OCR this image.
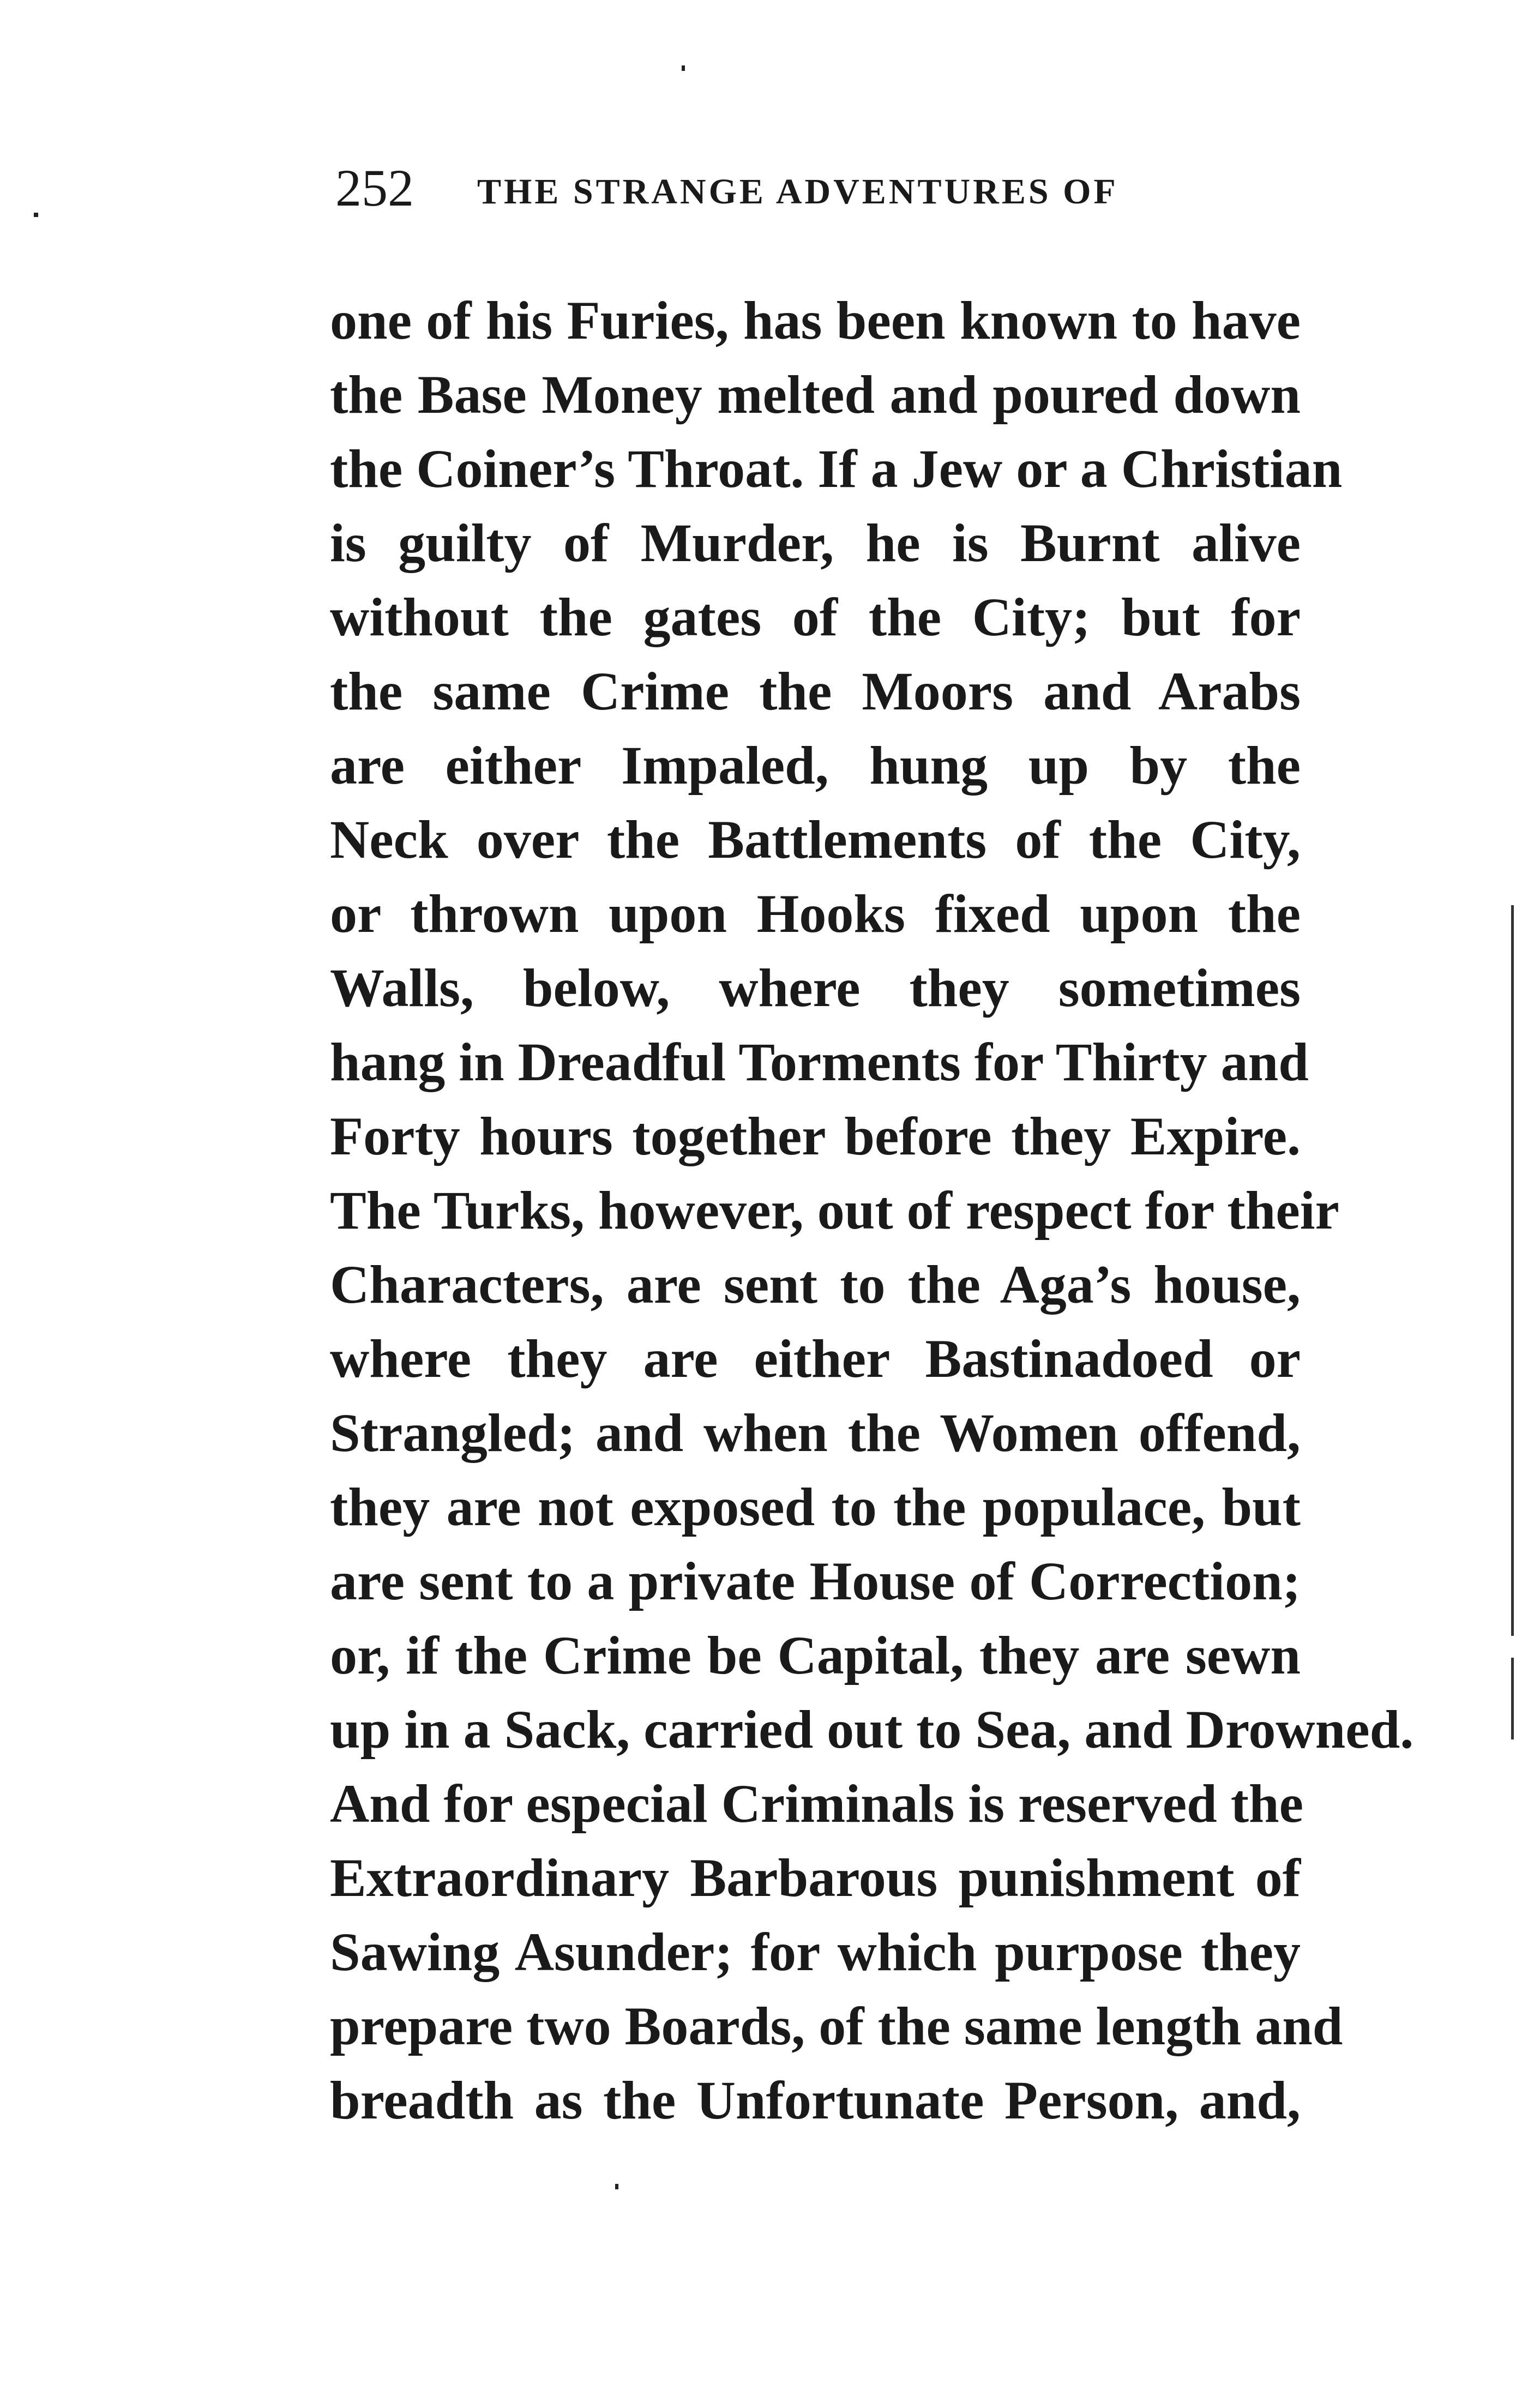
252 THE STRANGE ADVENTURES OF
one of his Furies, has been known to have
the Base Money melted and poured down
the Coiner’s Throat. If a Jew or a Christian
is guilty of Murder, he is Burnt alive
without the gates of the City; but for
the same Crime the Moors and Arabs
are either Impaled, hung up by the
Neck over the Battlements of the City,
or thrown upon Hooks fixed upon the
Walls, below, where they sometimes
hang in Dreadful Torments for Thirty and
Forty hours together before they Expire.
The Turks, however, out of respect for their
Characters, are sent to the Aga’s house,
where they are either Bastinadoed or
Strangled; and when the Women offend,
they are not exposed to the populace, but
are sent to a private House of Correction;
or, if the Crime be Capital, they are sewn
up in a Sack, carried out to Sea, and Drowned.
And for especial Criminals is reserved the
Extraordinary Barbarous punishment of
Sawing Asunder; for which purpose they
prepare two Boards, of the same length and
breadth as the Unfortunate Person, and,
